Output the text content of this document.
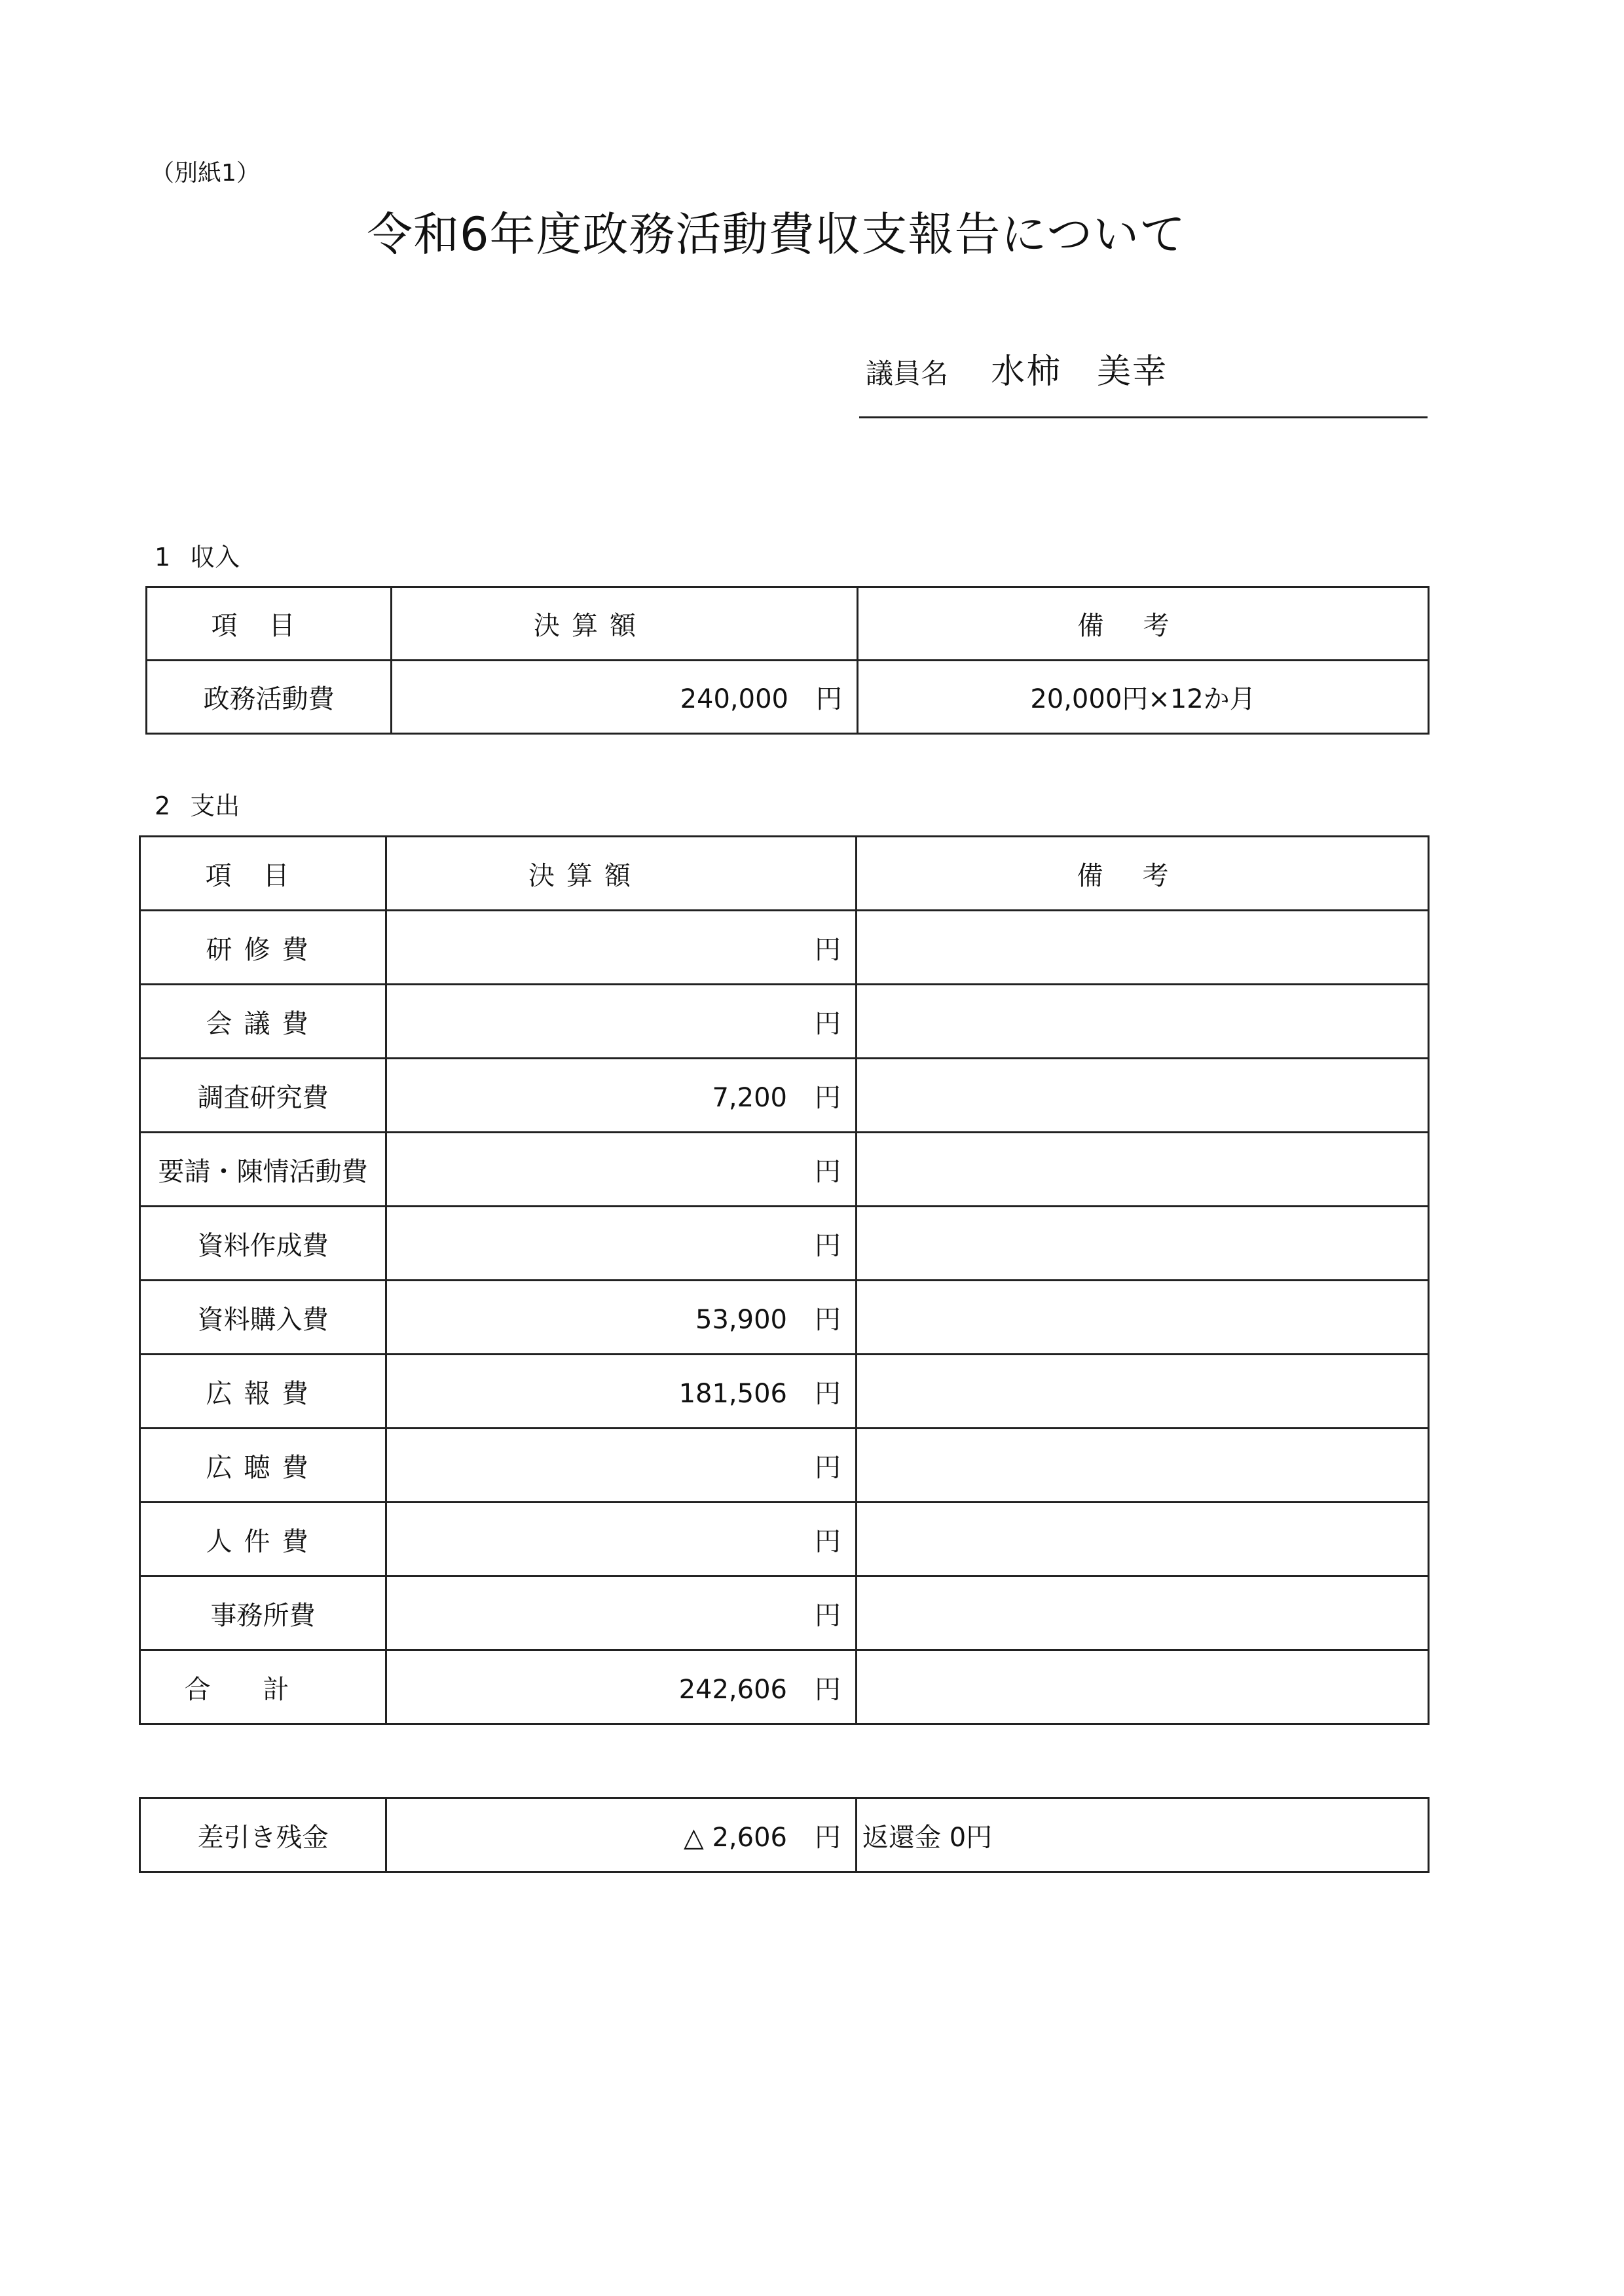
（別紙1）
令和6年度政務活動費収支報告について
議員名 水柿　美幸
1 収入
項目	決算額	備考
政務活動費	240,000 円	20,000円×12か月
2 支出
項目	決算額	備考
研修費	円	
会議費	円	
調査研究費	7,200 円	
要請・陳情活動費	円	
資料作成費	円	
資料購入費	53,900 円	
広報費	181,506 円	
広聴費	円	
人件費	円	
事務所費	円	
合計	242,606 円	
差引き残金	△ 2,606 円	返還金 0円
